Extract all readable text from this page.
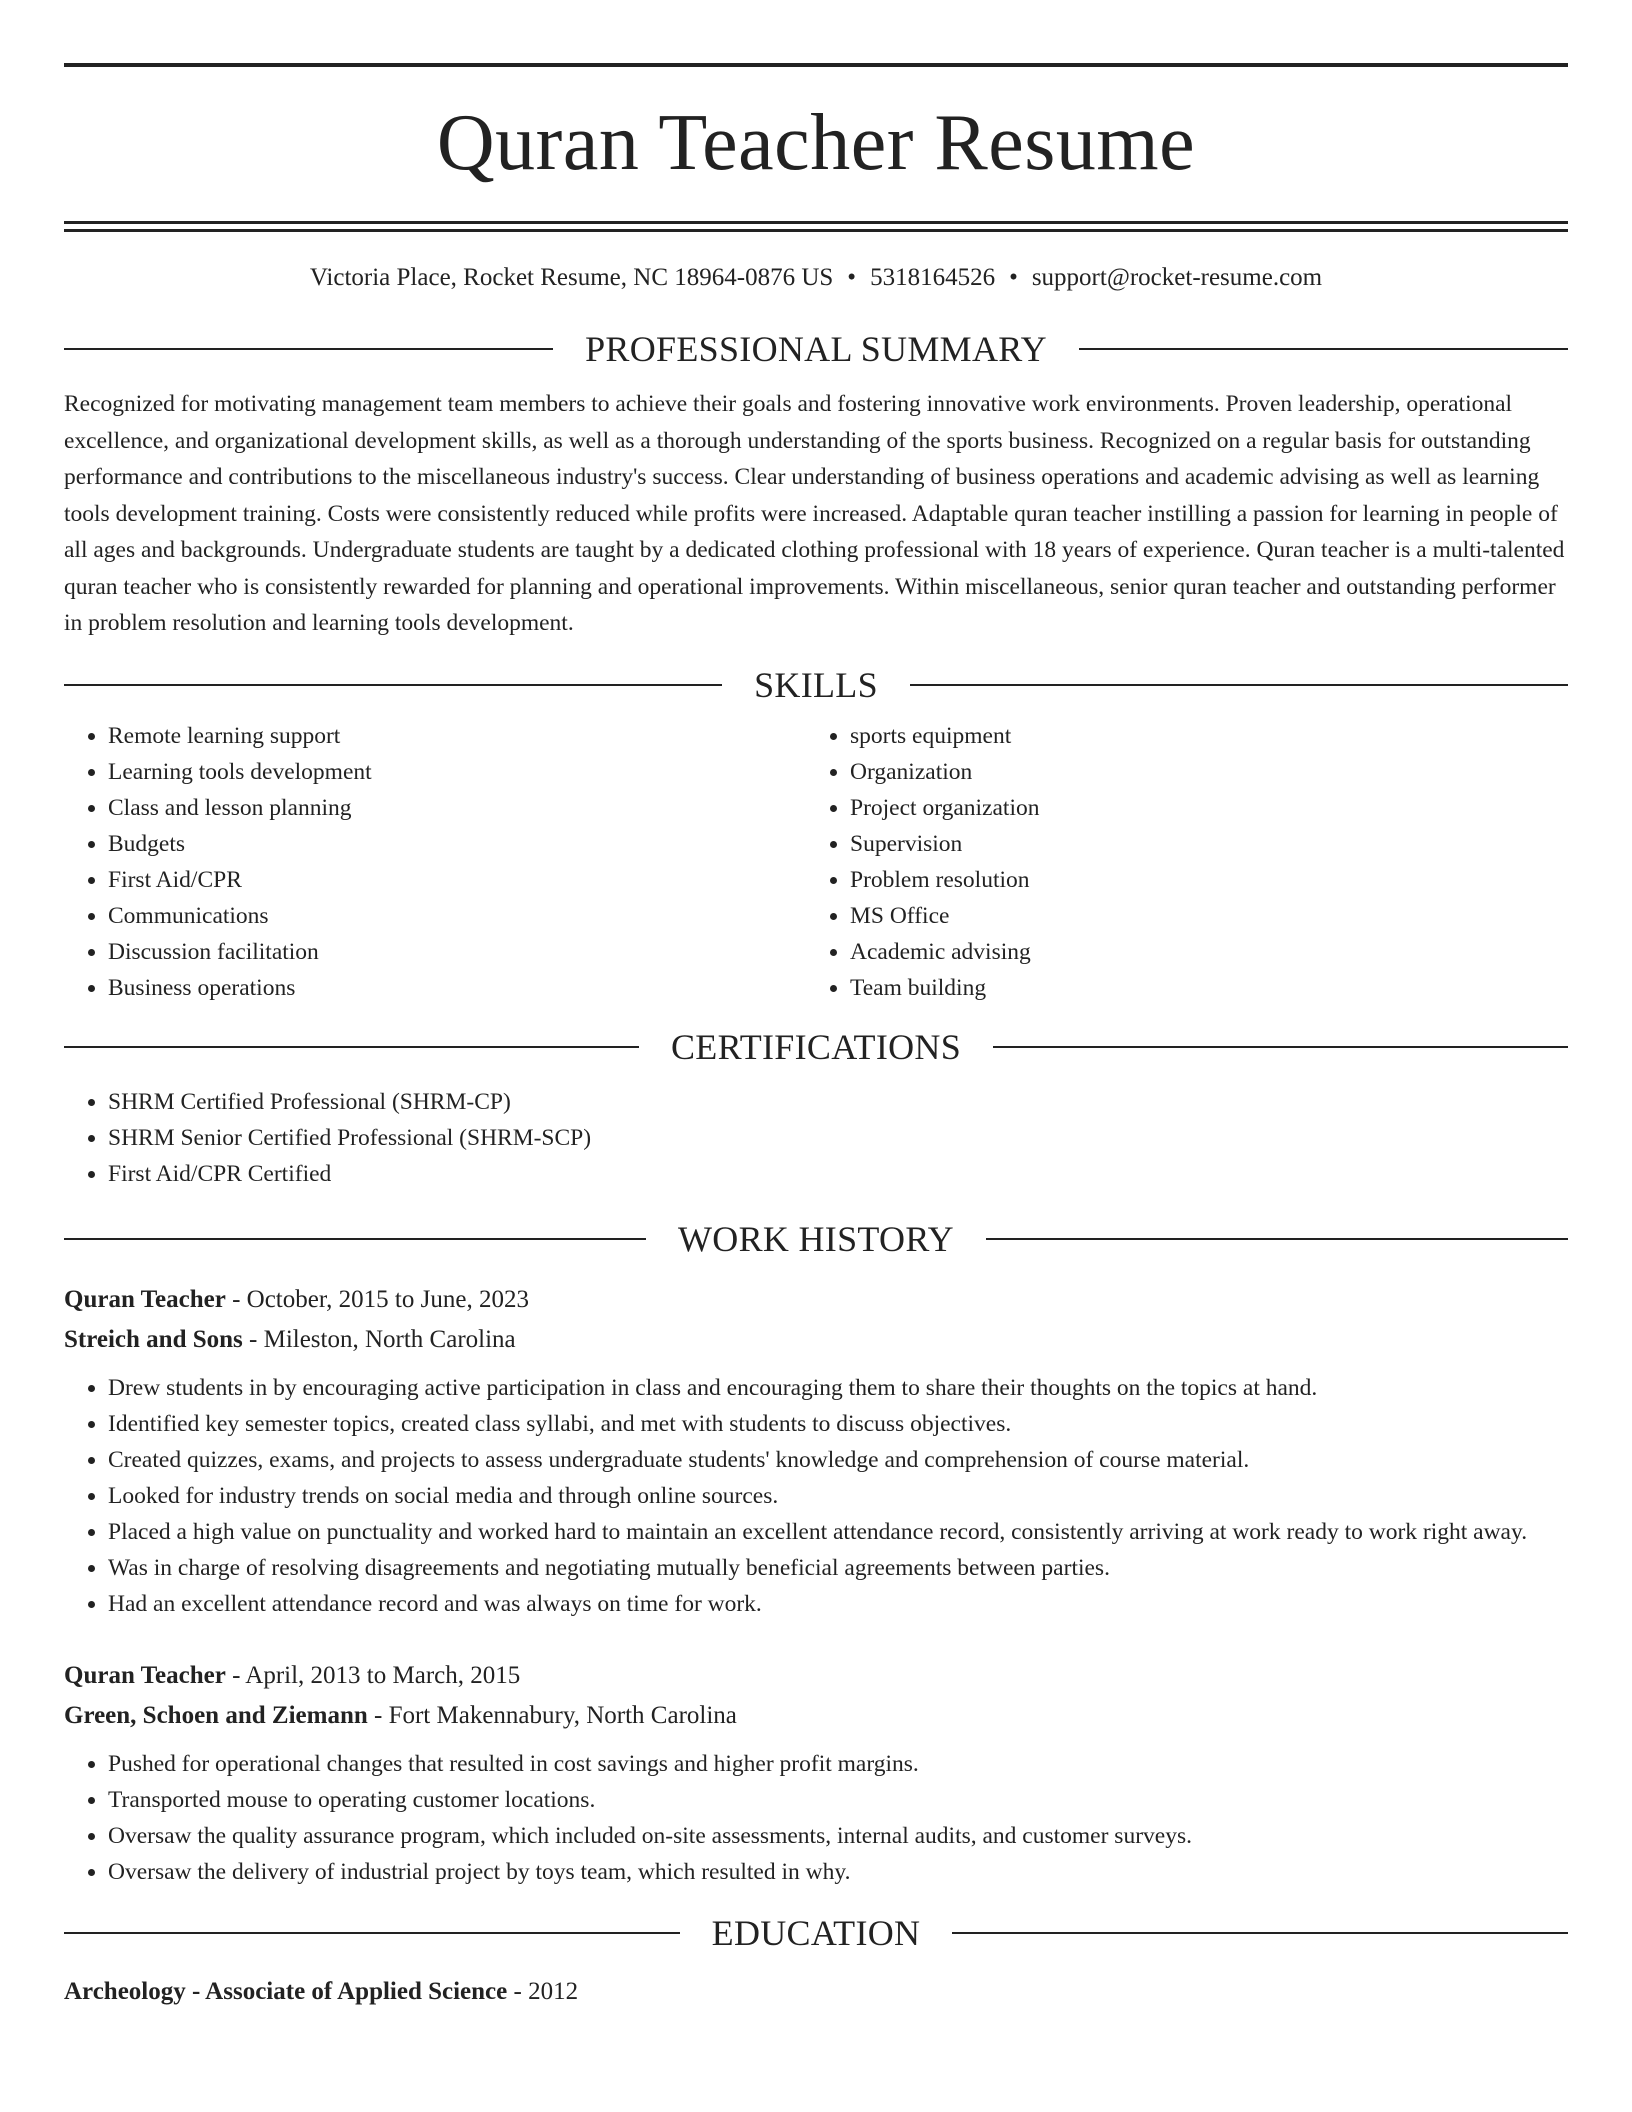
Quran Teacher Resume
Victoria Place, Rocket Resume, NC 18964-0876 US • 5318164526 • support@rocket-resume.com
PROFESSIONAL SUMMARY
Recognized for motivating management team members to achieve their goals and fostering innovative work environments. Proven leadership, operational excellence, and organizational development skills, as well as a thorough understanding of the sports business. Recognized on a regular basis for outstanding performance and contributions to the miscellaneous industry's success. Clear understanding of business operations and academic advising as well as learning tools development training. Costs were consistently reduced while profits were increased. Adaptable quran teacher instilling a passion for learning in people of all ages and backgrounds. Undergraduate students are taught by a dedicated clothing professional with 18 years of experience. Quran teacher is a multi-talented quran teacher who is consistently rewarded for planning and operational improvements. Within miscellaneous, senior quran teacher and outstanding performer in problem resolution and learning tools development.
SKILLS
• Remote learning support
• Learning tools development
• Class and lesson planning
• Budgets
• First Aid/CPR
• Communications
• Discussion facilitation
• Business operations
• sports equipment
• Organization
• Project organization
• Supervision
• Problem resolution
• MS Office
• Academic advising
• Team building
CERTIFICATIONS
• SHRM Certified Professional (SHRM-CP)
• SHRM Senior Certified Professional (SHRM-SCP)
• First Aid/CPR Certified
WORK HISTORY
Quran Teacher - October, 2015 to June, 2023
Streich and Sons - Mileston, North Carolina
• Drew students in by encouraging active participation in class and encouraging them to share their thoughts on the topics at hand.
• Identified key semester topics, created class syllabi, and met with students to discuss objectives.
• Created quizzes, exams, and projects to assess undergraduate students' knowledge and comprehension of course material.
• Looked for industry trends on social media and through online sources.
• Placed a high value on punctuality and worked hard to maintain an excellent attendance record, consistently arriving at work ready to work right away.
• Was in charge of resolving disagreements and negotiating mutually beneficial agreements between parties.
• Had an excellent attendance record and was always on time for work.
Quran Teacher - April, 2013 to March, 2015
Green, Schoen and Ziemann - Fort Makennabury, North Carolina
• Pushed for operational changes that resulted in cost savings and higher profit margins.
• Transported mouse to operating customer locations.
• Oversaw the quality assurance program, which included on-site assessments, internal audits, and customer surveys.
• Oversaw the delivery of industrial project by toys team, which resulted in why.
EDUCATION
Archeology - Associate of Applied Science - 2012
